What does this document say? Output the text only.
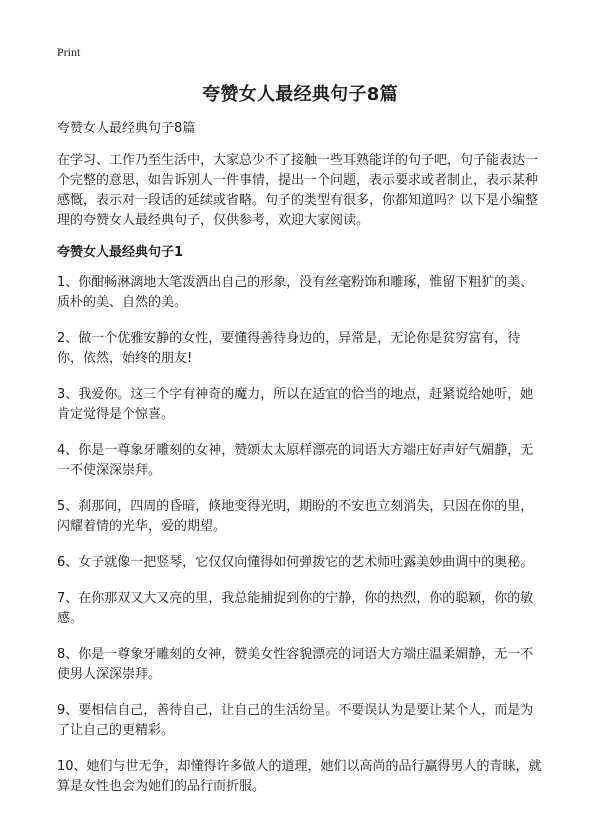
Print
夸赞女人最经典句子8篇

夸赞女人最经典句子8篇

在学习、工作乃至生活中，大家总少不了接触一些耳熟能详的句子吧，句子能表达一个完整的意思，如告诉别人一件事情，提出一个问题，表示要求或者制止，表示某种感慨，表示对一段话的延续或省略。句子的类型有很多，你都知道吗？以下是小编整理的夸赞女人最经典句子，仅供参考，欢迎大家阅读。

夸赞女人最经典句子1

1、你酣畅淋漓地大笔泼洒出自己的形象，没有丝毫粉饰和雕琢，惟留下粗犷的美、质朴的美、自然的美。

2、做一个优雅安静的女性，要懂得善待身边的，异常是，无论你是贫穷富有，待你，依然，始终的朋友!

3、我爱你。这三个字有神奇的魔力，所以在适宜的恰当的地点，赶紧说给她听，她肯定觉得是个惊喜。

4、你是一尊象牙雕刻的女神，赞颂太太原样漂亮的词语大方端庄好声好气媚静，无一不使深深崇拜。

5、刹那间，四周的昏暗，倏地变得光明，期盼的不安也立刻消失，只因在你的里，闪耀着情的光华，爱的期望。

6、女子就像一把竖琴，它仅仅向懂得如何弹拨它的艺术师吐露美妙曲调中的奥秘。

7、在你那双又大又亮的里，我总能捕捉到你的宁静，你的热烈，你的聪颖，你的敏感。

8、你是一尊象牙雕刻的女神，赞美女性容貌漂亮的词语大方端庄温柔媚静，无一不使男人深深崇拜。

9、要相信自己，善待自己，让自己的生活纷呈。不要误认为是要让某个人，而是为了让自己的更精彩。

10、她们与世无争，却懂得许多做人的道理，她们以高尚的品行赢得男人的青睐，就算是女性也会为她们的品行而折服。
